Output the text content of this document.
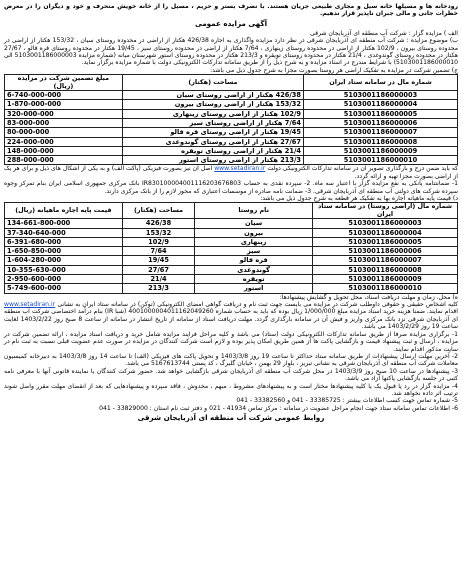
رودخانه ها و مسیلها خانه سیل و مجاری طبیعی جریان هستند. با تصرف بستر و حریم ، مسیل را از خانه خویش منحرف و خود و دیگران را در معرض خطرات جانی و مالی جبران ناپذیر قرار ندهیم.

آگهی مزایده عمومی

الف ) مزایده گزار : شرکت آب منطقه ای آذربایجان شرقی

ب) موضوع مزایده : شرکت آب منطقه ای آذربایجان شرقی در نظر دارد مزایده واگذاری به اجاره 426/38 هکتار از اراضی در محدوده روستای سیان ، 153/32 هکتار از اراضی در محدوده روستای بیرون ، 102/9 هکتار از اراضی در محدوده روستای زینهاری ، 7/64 هکتار از اراضی در محدوده روستای سیز ، 19/45 هکتار در محدوده روستای قره قالو ، 27/67 هکتار در محدوده روستای گوندوغدی ، 21/4 هکتار در محدوده روستای تویقره و 213/3 هکتار در محدوده روستای استور شهرستان میانه (شماره مزایده 5103001186000003 الی 5103001186000010) با شرایط مندرج در اسناد مزایده و به شرح ذیل را از طریق سامانه تدارکات الکترونیکی دولت با شماره مزایده برگزار نماید.

ج) تضمین شرکت در مزایده به تفکیک اراضی هر روستا بصورت مجزا به شرح جدول ذیل می باشد:

شماره مال در سامانه ستاد ایران	مساحت (هکتار)	مبلغ تضمین شرکت در مزایده (ریال)
5103001186000003	426/38 هکتار از اراضی روستای سیان	6-740-000-000
5103001186000004	153/32 هکتار از اراضی روستای بیرون	1-870-000-000
5103001186000005	102/9 هکتار از اراضی روستای زینهاری	320-000-000
5103001186000006	7/64 هکتار از اراضی روستای سیز	83-000-000
5103001186000007	19/45 هکتار از اراضی روستای قره قالو	80-000-000
5103001186000008	27/67 هکتار از اراضی روستای گوندوغدی	224-000-000
5103001186000009	21/4 هکتار از اراضی روستای تویقره	148-000-000
5103001186000010	213/3 هکتار از اراضی روستای استور	288-000-000

که باید ضمن درج و بارگذاری تصویر آن در سامانه تدارکات الکترونیکی دولت www.setadiran.ir اصل آن نیز بصورت فیزیکی (پاکت الف) و به یکی از اشکال های ذیل و برای هر یک از اراضی بصورت مجزا تهیه و ارائه گردد.

1- ضمانتنامه بانکی به نفع مزایده گزار با اعتبار سه ماه. 2- سپرده نقدی به حساب IR830100004001116203676803 بانک مرکزی جمهوری اسلامی ایران بنام تمرکز وجوه سپرده شرکت های دولتی آب منطقه ای آذربایجان شرقی. 3- ضمانت نامه صادره از موسسات اعتباری که مجوز لازم را از بانک مرکزی دارند.

د) قیمت پایه ماهیانه اجاره بها به تفکیک هر قطعه به شرح جدول ذیل می باشد:

شماره مال (اراضی روستا) در سامانه ستاد ایران	نام روستا	مساحت (هکتار)	قیمت پایه اجاره ماهیانه (ریال)
5103001186000003	سیان	426/38	134-661-800-000
5103001186000004	بیرون	153/32	37-340-640-000
5103001186000005	زینهاری	102/9	6-391-680-000
5103001186000006	سیز	7/64	1-650-850-000
5103001186000007	قره قالو	19/45	1-604-280-000
5103001186000008	گوندوغدی	27/67	10-355-630-000
5103001186000009	تویقره	21/4	2-950-600-000
5103001186000010	استور	213/3	5-749-600-000

ه) محل، زمان و مهلت دریافت اسناد، محل تحویل و گشایش پیشنهادها:

کلیه اشخاص حقیقی و حقوقی داوطلب شرکت در مزایده می بایست جهت ثبت نام و دریافت گواهی امضای الکترونیکی (توکن) در سامانه ستاد ایران به نشانی www.setadiran.ir اقدام نمایند. ضمنا هزینه خرید اسناد مزایده مبلغ 1/000/000 ریال بوده که باید به حساب شماره 4001000004011162049260 (شبا IR) بنام درآمد اختصاصی شرکت آب منطقه ای آذربایجان شرقی نزد بانک مرکزی واریز و فیش آن در سامانه بارگذاری گردد. مهلت دریافت اسناد از سامانه از تاریخ انتشار در سامانه از ساعت 8 صبح روز 1403/2/22 لغایت ساعت 19 روز 1403/2/29 می باشد.

1- برگزاری مزایده صرفا از طریق سامانه تدارکات الکترونیکی دولت (ستاد) می باشد و کلیه مراحل فرایند مزایده شامل خرید و دریافت اسناد مزایده ، ارائه تضمین شرکت در مزایده ، ارسال و ثبت پیشنهاد قیمت و بازگشایی پاکت ها از همین طریق امکان پذیر بوده و لازم است شرکت کنندگان در مزایده در صورت عدم عضویت قبلی نسبت به ثبت نام در سایت مذکور اقدام نمایند.

2- آخرین مهلت ارسال پیشنهادات از طریق سامانه ستاد حداکثر تا ساعت 19 روز 1403/3/8 و تحویل پاکت های فیزیکی (الف) تا ساعت 14 روز 1403/3/8 به دبیرخانه کمیسیون معاملات شرکت آب منطقه ای آذربایجان شرقی به نشانی تبریز ، بلوار 29 بهمن ، خیابان گلبرگ ، کد پستی 5167613744 می باشد.

3- پیشنهادها در ساعت 10 صبح روز 1403/3/9 در محل شرکت آب منطقه ای آذربایجان شرقی بازگشایی خواهد شد. حضور شرکت کنندگان یا نماینده قانونی آنها با معرفی نامه کتبی در جلسه بازگشایی پاکتها آزاد می باشد.

4- مزایده گزار در رد یا قبول یک یا کلیه پیشنهادها مختار است و به پیشنهادهای مشروط ، مبهم ، مخدوش ، فاقد سپرده و پیشنهادهایی که بعد از انقضای مهلت مقرر واصل شوند ترتیب اثر داده نخواهد شد.

5- شماره تماس جهت کسب اطلاعات بیشتر : 33385725 - 041 و 33382560 - 041

6- اطلاعات تماس سامانه ستاد جهت انجام مراحل عضویت در سامانه : مرکز تماس 41934 - 021 و دفتر ثبت نام استان : 33829000 - 041

روابط عمومی شرکت آب منطقه ای آذربایجان شرقی
